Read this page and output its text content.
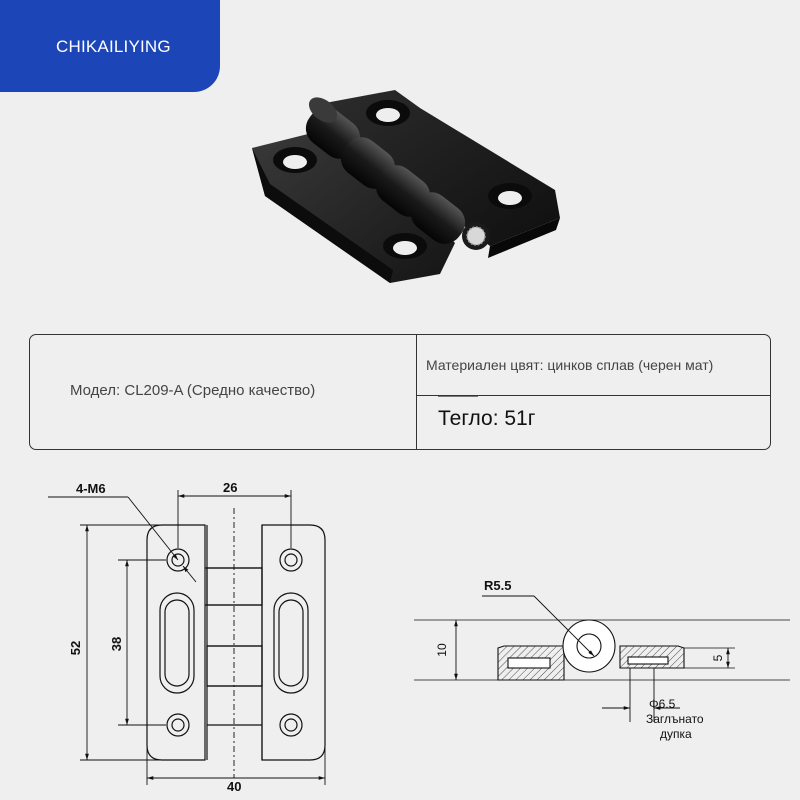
CHIKAILIYING
Модел: CL209-A (Средно качество)
Материален цвят: цинков сплав (черен мат)
Тегло: 51г
4-M6	26
52 38
40
R5.5
10
5
Φ6.5
Заглънато
дупка
